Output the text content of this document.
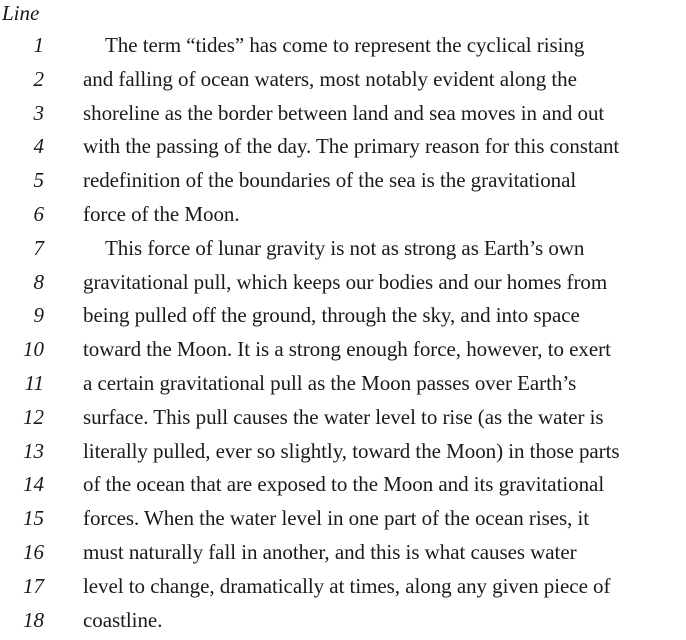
Line
1	The term “tides” has come to represent the cyclical rising
2 and falling of ocean waters, most notably evident along the
3 shoreline as the border between land and sea moves in and out
4 with the passing of the day. The primary reason for this constant
5 redefinition of the boundaries of the sea is the gravitational
6 force of the Moon.
7	This force of lunar gravity is not as strong as Earth’s own
8 gravitational pull, which keeps our bodies and our homes from
9 being pulled off the ground, through the sky, and into space
10 toward the Moon. It is a strong enough force, however, to exert
11 a certain gravitational pull as the Moon passes over Earth’s
12 surface. This pull causes the water level to rise (as the water is
13 literally pulled, ever so slightly, toward the Moon) in those parts
14 of the ocean that are exposed to the Moon and its gravitational
15 forces. When the water level in one part of the ocean rises, it
16 must naturally fall in another, and this is what causes water
17 level to change, dramatically at times, along any given piece of
18 coastline.
